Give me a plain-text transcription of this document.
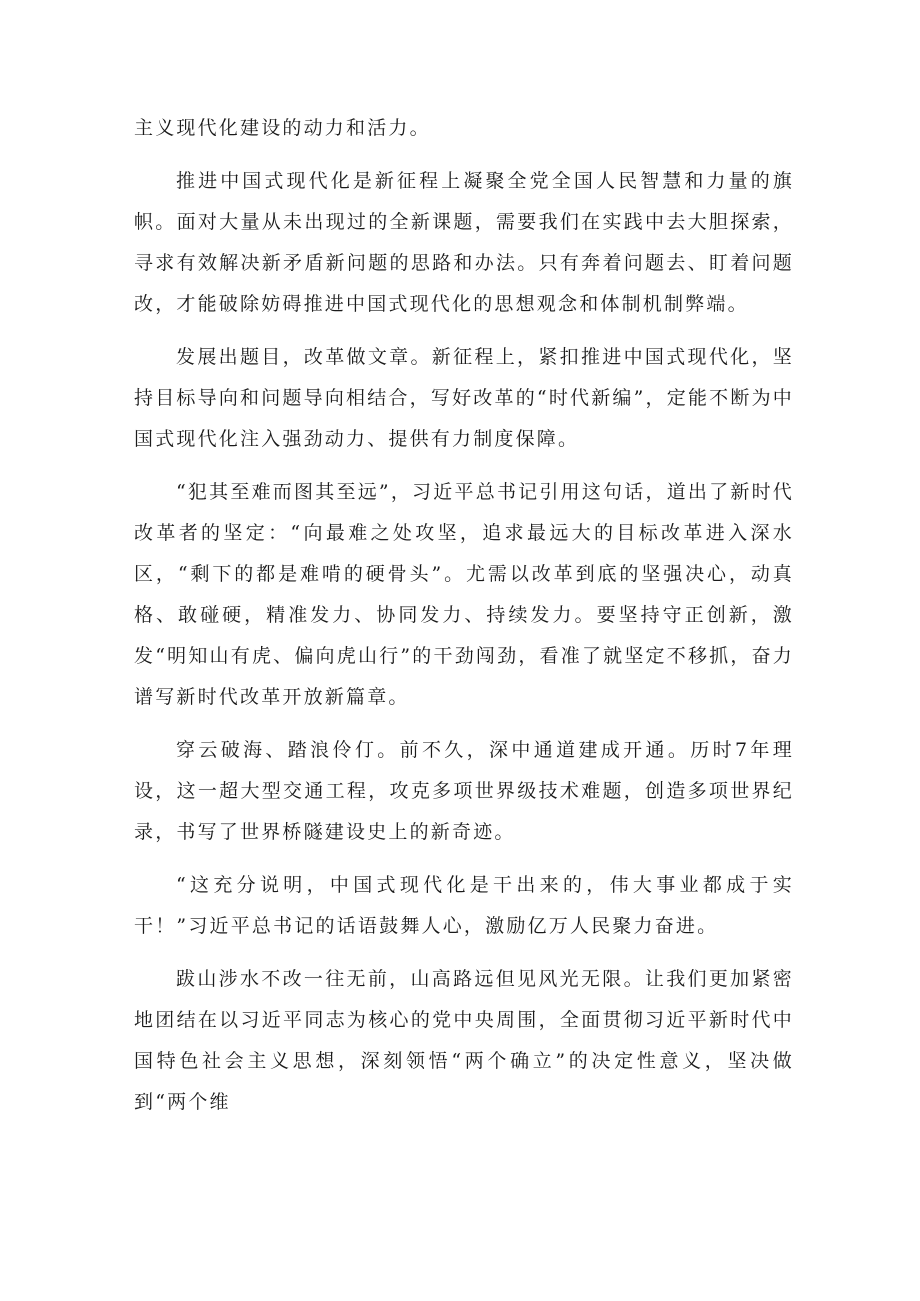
主义现代化建设的动力和活力。

推进中国式现代化是新征程上凝聚全党全国人民智慧和力量的旗帜。面对大量从未出现过的全新课题，需要我们在实践中去大胆探索，寻求有效解决新矛盾新问题的思路和办法。只有奔着问题去、盯着问题改，才能破除妨碍推进中国式现代化的思想观念和体制机制弊端。

发展出题目，改革做文章。新征程上，紧扣推进中国式现代化，坚持目标导向和问题导向相结合，写好改革的“时代新编”，定能不断为中国式现代化注入强劲动力、提供有力制度保障。

“犯其至难而图其至远”，习近平总书记引用这句话，道出了新时代改革者的坚定：“向最难之处攻坚，追求最远大的目标改革进入深水区，“剩下的都是难啃的硬骨头”。尤需以改革到底的坚强决心，动真格、敢碰硬，精准发力、协同发力、持续发力。要坚持守正创新，激发“明知山有虎、偏向虎山行”的干劲闯劲，看准了就坚定不移抓，奋力谱写新时代改革开放新篇章。

穿云破海、踏浪伶仃。前不久，深中通道建成开通。历时7年理设，这一超大型交通工程，攻克多项世界级技术难题，创造多项世界纪录，书写了世界桥隧建设史上的新奇迹。

“这充分说明，中国式现代化是干出来的，伟大事业都成于实干！”习近平总书记的话语鼓舞人心，激励亿万人民聚力奋进。

跋山涉水不改一往无前，山高路远但见风光无限。让我们更加紧密地团结在以习近平同志为核心的党中央周围，全面贯彻习近平新时代中国特色社会主义思想，深刻领悟“两个确立”的决定性意义，坚决做到“两个维
